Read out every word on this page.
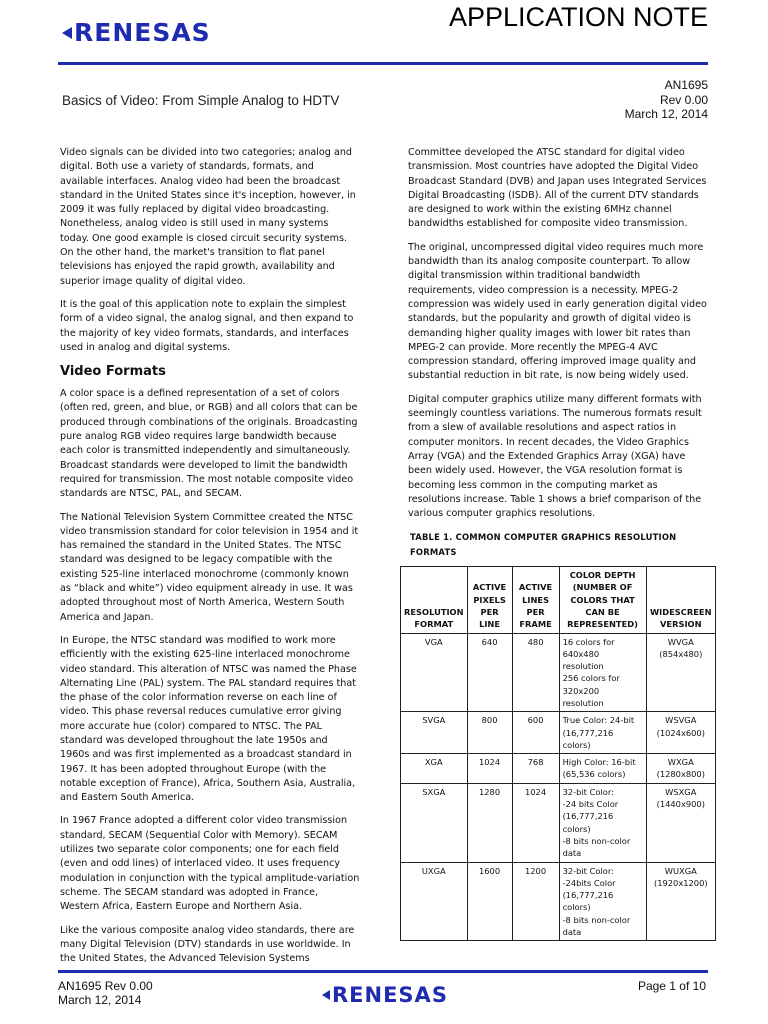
RENESAS
APPLICATION NOTE
Basics of Video: From Simple Analog to HDTV
AN1695
Rev 0.00
March 12, 2014

Video signals can be divided into two categories; analog and digital. Both use a variety of standards, formats, and available interfaces. Analog video had been the broadcast standard in the United States since it's inception, however, in 2009 it was fully replaced by digital video broadcasting. Nonetheless, analog video is still used in many systems today. One good example is closed circuit security systems. On the other hand, the market's transition to flat panel televisions has enjoyed the rapid growth, availability and superior image quality of digital video.

It is the goal of this application note to explain the simplest form of a video signal, the analog signal, and then expand to the majority of key video formats, standards, and interfaces used in analog and digital systems.

Video Formats

A color space is a defined representation of a set of colors (often red, green, and blue, or RGB) and all colors that can be produced through combinations of the originals. Broadcasting pure analog RGB video requires large bandwidth because each color is transmitted independently and simultaneously. Broadcast standards were developed to limit the bandwidth required for transmission. The most notable composite video standards are NTSC, PAL, and SECAM.

The National Television System Committee created the NTSC video transmission standard for color television in 1954 and it has remained the standard in the United States. The NTSC standard was designed to be legacy compatible with the existing 525-line interlaced monochrome (commonly known as “black and white”) video equipment already in use. It was adopted throughout most of North America, Western South America and Japan.

In Europe, the NTSC standard was modified to work more efficiently with the existing 625-line interlaced monochrome video standard. This alteration of NTSC was named the Phase Alternating Line (PAL) system. The PAL standard requires that the phase of the color information reverse on each line of video. This phase reversal reduces cumulative error giving more accurate hue (color) compared to NTSC. The PAL standard was developed throughout the late 1950s and 1960s and was first implemented as a broadcast standard in 1967. It has been adopted throughout Europe (with the notable exception of France), Africa, Southern Asia, Australia, and Eastern South America.

In 1967 France adopted a different color video transmission standard, SECAM (Sequential Color with Memory). SECAM utilizes two separate color components; one for each field (even and odd lines) of interlaced video. It uses frequency modulation in conjunction with the typical amplitude-variation scheme. The SECAM standard was adopted in France, Western Africa, Eastern Europe and Northern Asia.

Like the various composite analog video standards, there are many Digital Television (DTV) standards in use worldwide. In the United States, the Advanced Television Systems

Committee developed the ATSC standard for digital video transmission. Most countries have adopted the Digital Video Broadcast Standard (DVB) and Japan uses Integrated Services Digital Broadcasting (ISDB). All of the current DTV standards are designed to work within the existing 6MHz channel bandwidths established for composite video transmission.

The original, uncompressed digital video requires much more bandwidth than its analog composite counterpart. To allow digital transmission within traditional bandwidth requirements, video compression is a necessity. MPEG-2 compression was widely used in early generation digital video standards, but the popularity and growth of digital video is demanding higher quality images with lower bit rates than MPEG-2 can provide. More recently the MPEG-4 AVC compression standard, offering improved image quality and substantial reduction in bit rate, is now being widely used.

Digital computer graphics utilize many different formats with seemingly countless variations. The numerous formats result from a slew of available resolutions and aspect ratios in computer monitors. In recent decades, the Video Graphics Array (VGA) and the Extended Graphics Array (XGA) have been widely used. However, the VGA resolution format is becoming less common in the computing market as resolutions increase. Table 1 shows a brief comparison of the various computer graphics resolutions.

TABLE 1. COMMON COMPUTER GRAPHICS RESOLUTION FORMATS
RESOLUTION FORMAT	ACTIVE PIXELS PER LINE	ACTIVE LINES PER FRAME	COLOR DEPTH (NUMBER OF COLORS THAT CAN BE REPRESENTED)	WIDESCREEN VERSION
VGA	640	480	16 colors for 640x480 resolution
256 colors for 320x200 resolution	WVGA
(854x480)
SVGA	800	600	True Color: 24-bit (16,777,216 colors)	WSVGA
(1024x600)
XGA	1024	768	High Color: 16-bit (65,536 colors)	WXGA
(1280x800)
SXGA	1280	1024	32-bit Color:
-24 bits Color (16,777,216 colors)
-8 bits non-color data	WSXGA
(1440x900)
UXGA	1600	1200	32-bit Color:
-24bits Color (16,777,216 colors)
-8 bits non-color data	WUXGA
(1920x1200)
AN1695 Rev 0.00
March 12, 2014	RENESAS	Page 1 of 10
